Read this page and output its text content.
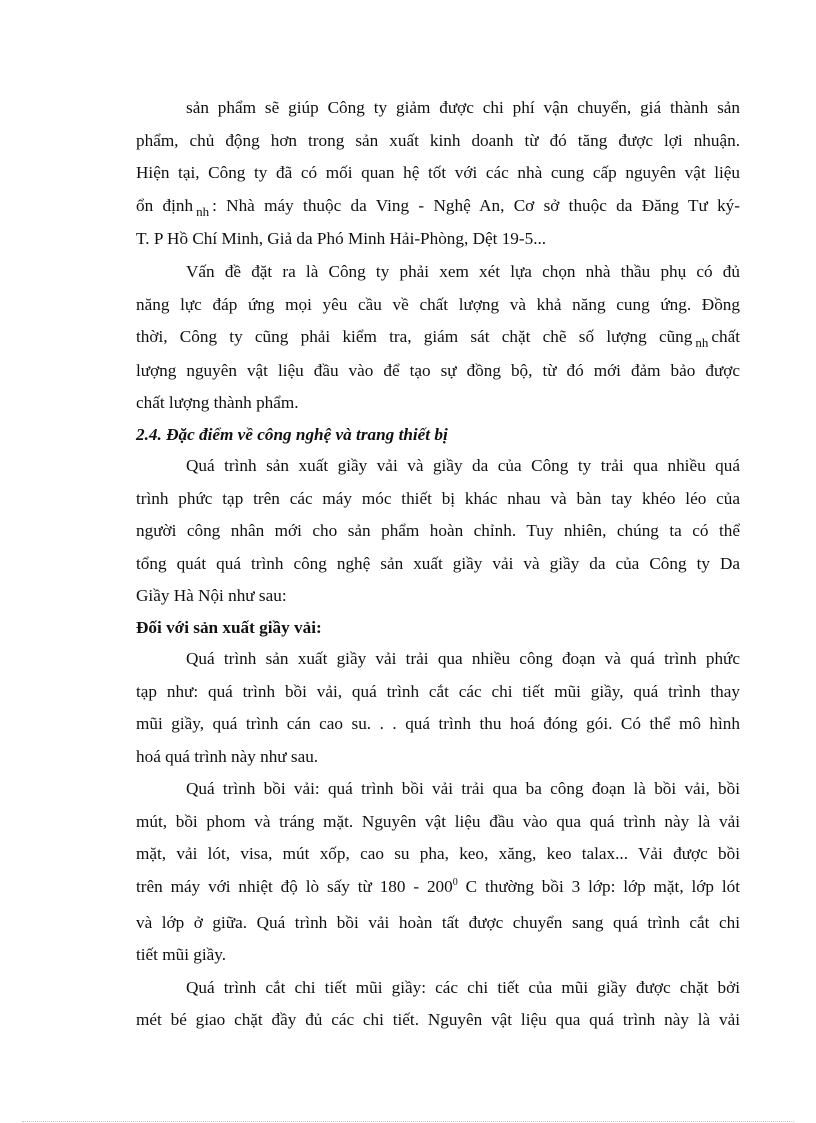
sản phẩm sẽ giúp Công ty giảm được chi phí vận chuyển, giá thành sản
phẩm, chủ động hơn trong sản xuất kinh doanh từ đó tăng được lợi nhuận.
Hiện tại, Công ty đã có mối quan hệ tốt với các nhà cung cấp nguyên vật liệu
ổn định $_{nh}$ : Nhà máy thuộc da Ving - Nghệ An, Cơ sở thuộc da Đăng Tư ký-
T. P Hồ Chí Minh, Giả da Phó Minh Hải-Phòng, Dệt 19-5...

Vấn đề đặt ra là Công ty phải xem xét lựa chọn nhà thầu phụ có đủ
năng lực đáp ứng mọi yêu cầu về chất lượng và khả năng cung ứng. Đồng
thời, Công ty cũng phải kiểm tra, giám sát chặt chẽ số lượng cũng $_{nh}$ chất
lượng nguyên vật liệu đầu vào để tạo sự đồng bộ, từ đó mới đảm bảo được
chất lượng thành phẩm.

2.4. Đặc điểm về công nghệ và trang thiết bị

Quá trình sản xuất giầy vải và giầy da của Công ty trải qua nhiều quá
trình phức tạp trên các máy móc thiết bị khác nhau và bàn tay khéo léo của
người công nhân mới cho sản phẩm hoàn chỉnh. Tuy nhiên, chúng ta có thể
tổng quát quá trình công nghệ sản xuất giầy vải và giầy da của Công ty Da
Giầy Hà Nội như sau:

Đối với sản xuất giầy vải:

Quá trình sản xuất giầy vải trải qua nhiều công đoạn và quá trình phức
tạp như: quá trình bồi vải, quá trình cắt các chi tiết mũi giầy, quá trình thay
mũi giầy, quá trình cán cao su. . . quá trình thu hoá đóng gói. Có thể mô hình
hoá quá trình này như sau.

Quá trình bồi vải: quá trình bồi vải trải qua ba công đoạn là bồi vải, bồi
mút, bồi phom và tráng mặt. Nguyên vật liệu đầu vào qua quá trình này là vải
mặt, vải lót, visa, mút xốp, cao su pha, keo, xăng, keo talax... Vải được bồi
trên máy với nhiệt độ lò sấy từ $180 - 200^0$ C thường bồi 3 lớp: lớp mặt, lớp lót
và lớp ở giữa. Quá trình bồi vải hoàn tất được chuyển sang quá trình cắt chi
tiết mũi giầy.

Quá trình cắt chi tiết mũi giầy: các chi tiết của mũi giầy được chặt bởi
mét bé giao chặt đầy đủ các chi tiết. Nguyên vật liệu qua quá trình này là vải
